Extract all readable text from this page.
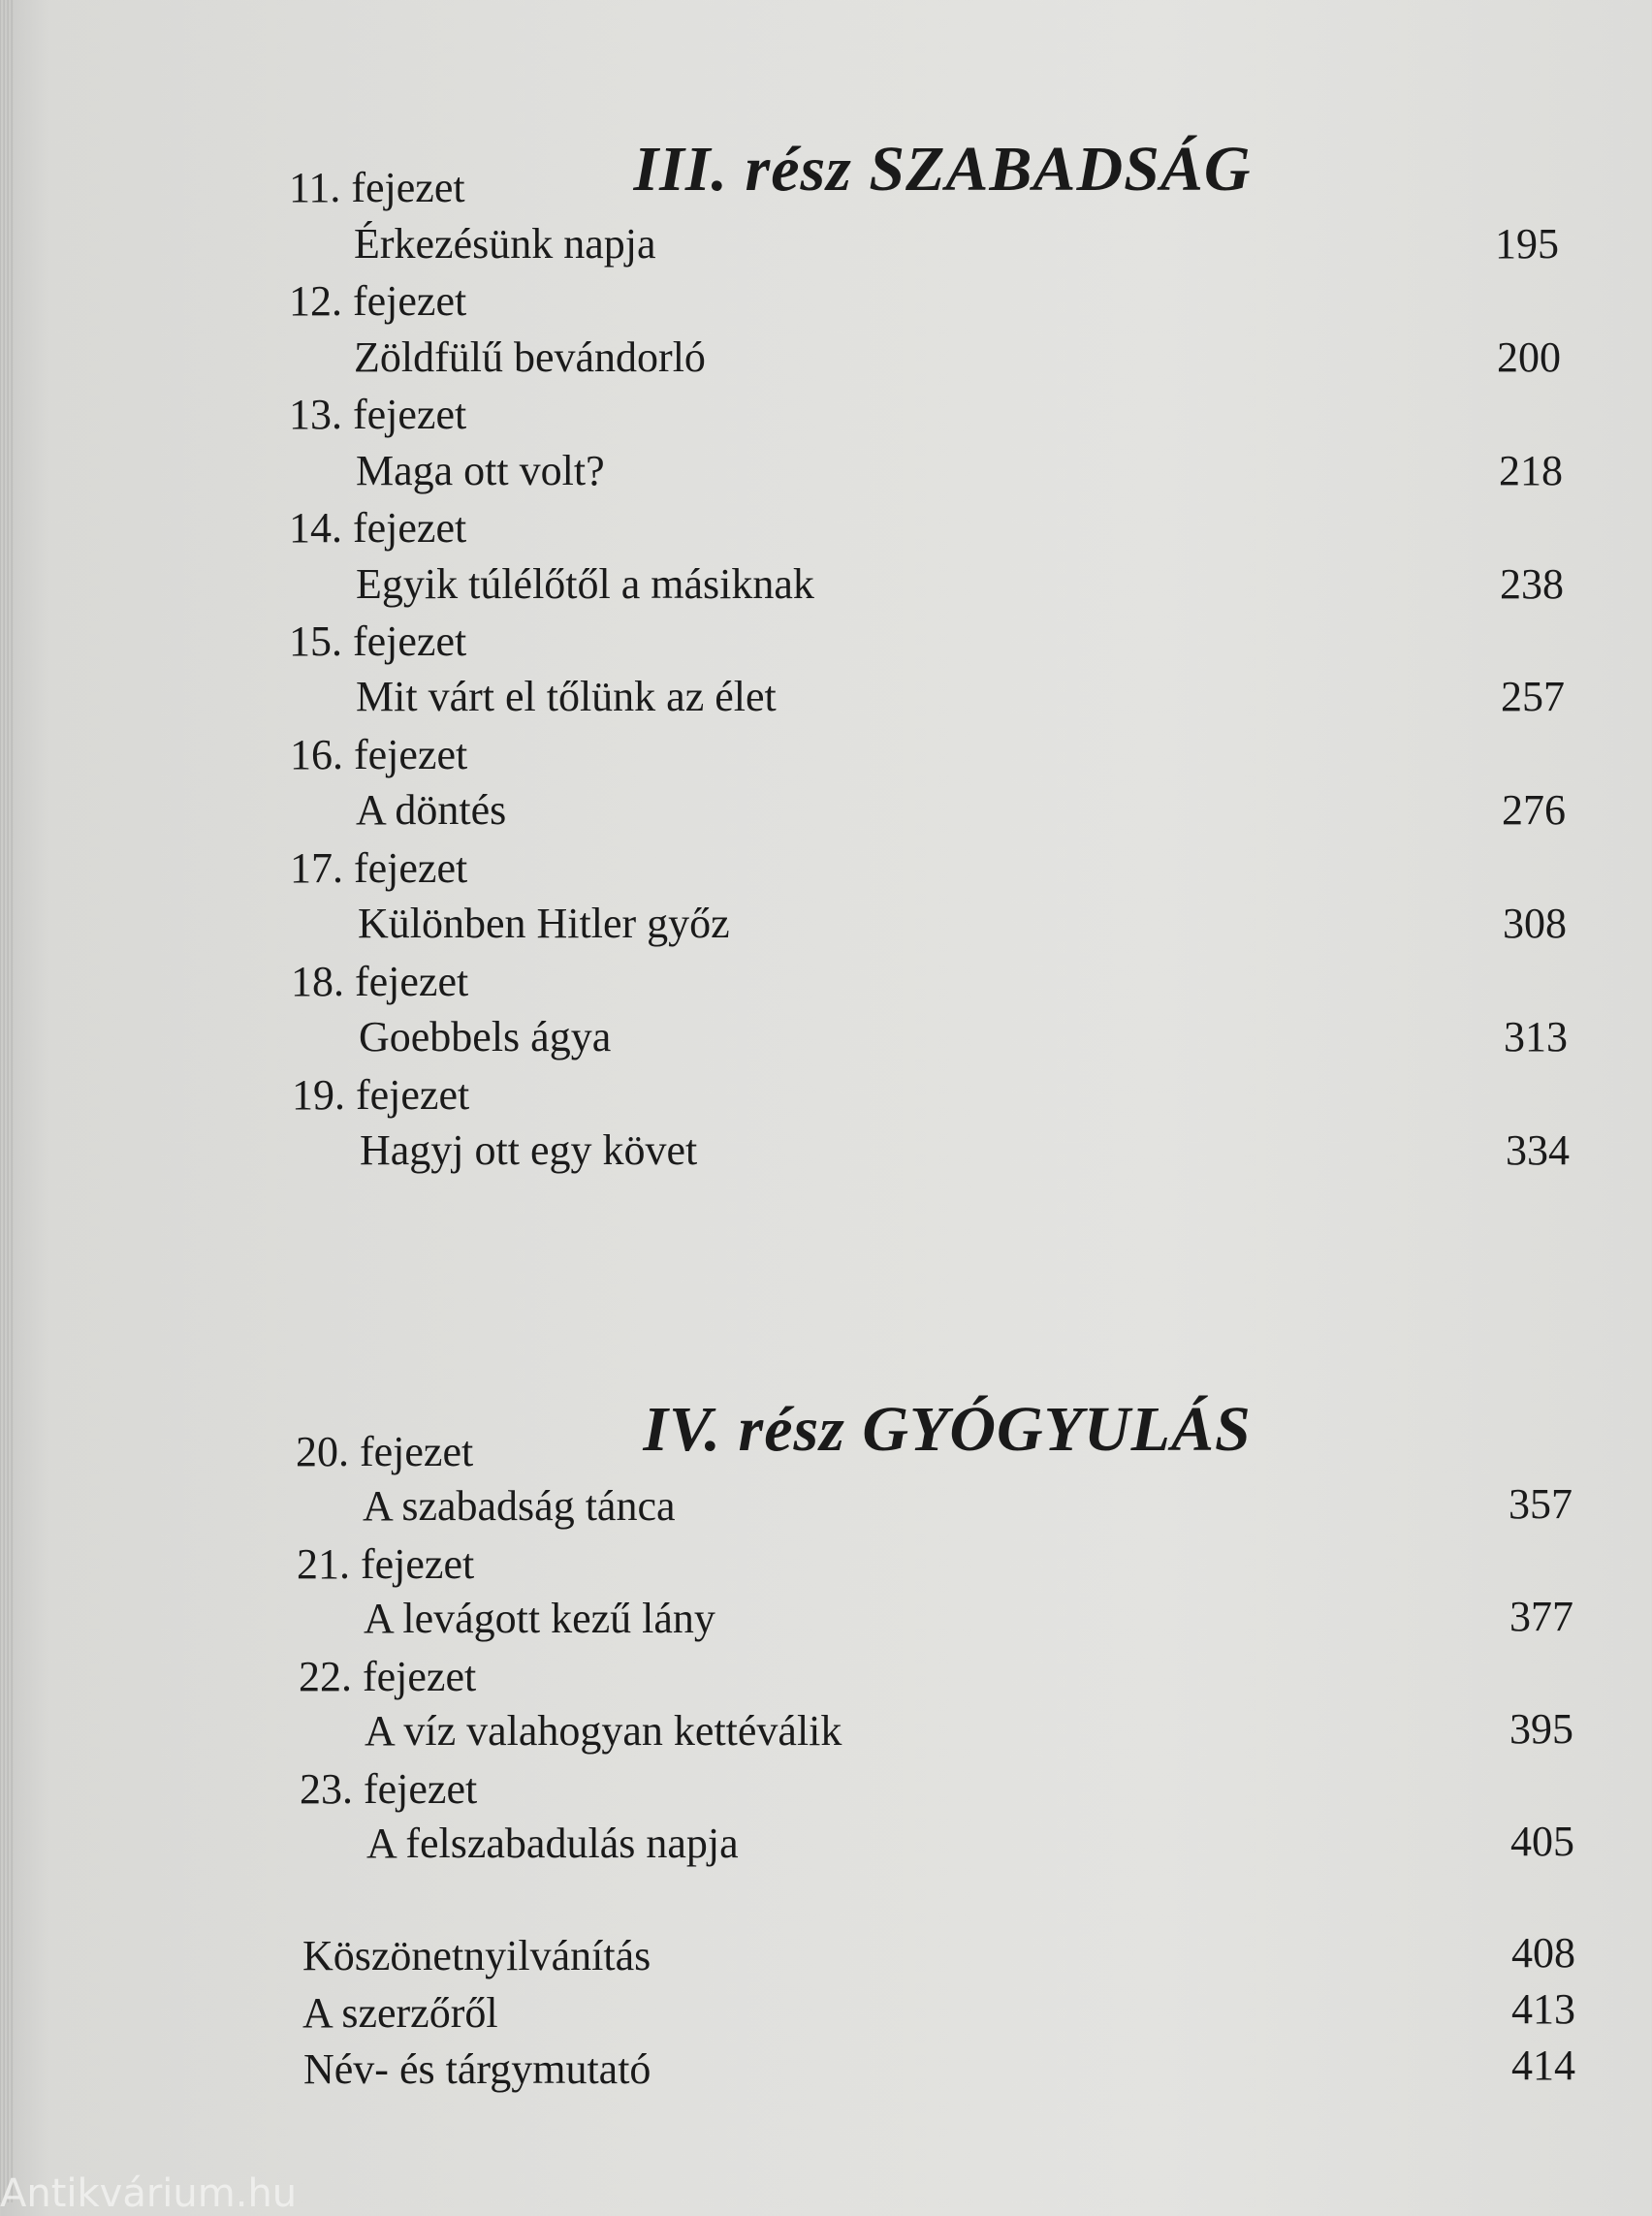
III. rész SZABADSÁG
11. fejezet
Érkezésünk napja	195
12. fejezet
Zöldfülű bevándorló	200
13. fejezet
Maga ott volt?	218
14. fejezet
Egyik túlélőtől a másiknak	238
15. fejezet
Mit várt el tőlünk az élet	257
16. fejezet
A döntés	276
17. fejezet
Különben Hitler győz	308
18. fejezet
Goebbels ágya	313
19. fejezet
Hagyj ott egy követ	334
IV. rész GYÓGYULÁS
20. fejezet
A szabadság tánca	357
21. fejezet
A levágott kezű lány	377
22. fejezet
A víz valahogyan kettéválik	395
23. fejezet
A felszabadulás napja	405
Köszönetnyilvánítás	408
A szerzőről	413
Név- és tárgymutató	414
Antikvárium.hu
